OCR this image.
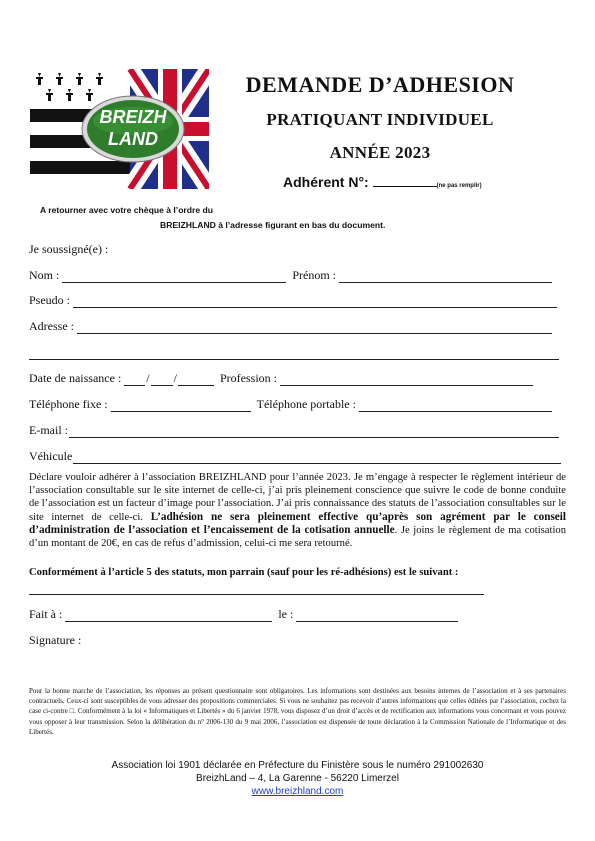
BREIZH
LAND
DEMANDE D’ADHESION
PRATIQUANT INDIVIDUEL
ANNÉE 2023
Adhérent N°:	(ne pas remplir)
A retourner avec votre chèque à l’ordre du
BREIZHLAND à l’adresse figurant en bas du document.
Je soussigné(e) :
Nom :	Prénom :
Pseudo :
Adresse :
Date de naissance : / /	Profession :
Téléphone fixe :	Téléphone portable :
E-mail :
Véhicule
Déclare vouloir adhérer à l’association BREIZHLAND pour l’année 2023. Je m’engage à respecter le règlement intérieur de l’association consultable sur le site internet de celle-ci, j’ai pris pleinement conscience que suivre le code de bonne conduite de l’association est un facteur d’image pour l’association. J’ai pris connaissance des statuts de l’association consultables sur le site internet de celle-ci. L’adhésion ne sera pleinement effective qu’après son agrément par le conseil d’administration de l’association et l’encaissement de la cotisation annuelle. Je joins le règlement de ma cotisation d’un montant de 20€, en cas de refus d’admission, celui-ci me sera retourné.
Conformément à l’article 5 des statuts, mon parrain (sauf pour les ré-adhésions) est le suivant :
Fait à :	le :
Signature :
Pour la bonne marche de l’association, les réponses au présent questionnaire sont obligatoires. Les informations sont destinées aux besoins internes de l’association et à ses partenaires contractuels. Ceux-ci sont susceptibles de vous adresser des propositions commerciales. Si vous ne souhaitez pas recevoir d’autres informations que celles éditées par l’association, cochez la case ci-contre □. Conformément à la loi « Informatiques et Libertés » du 6 janvier 1978, vous disposez d’un droit d’accès et de rectification aux informations vous concernant et vous pouvez vous opposer à leur transmission. Selon la délibération du n° 2006-130 du 9 mai 2006, l’association est dispensée de toute déclaration à la Commission Nationale de l’Informatique et des Libertés.
Association loi 1901 déclarée en Préfecture du Finistère sous le numéro 291002630
BreizhLand – 4, La Garenne - 56220 Limerzel
www.breizhland.com
